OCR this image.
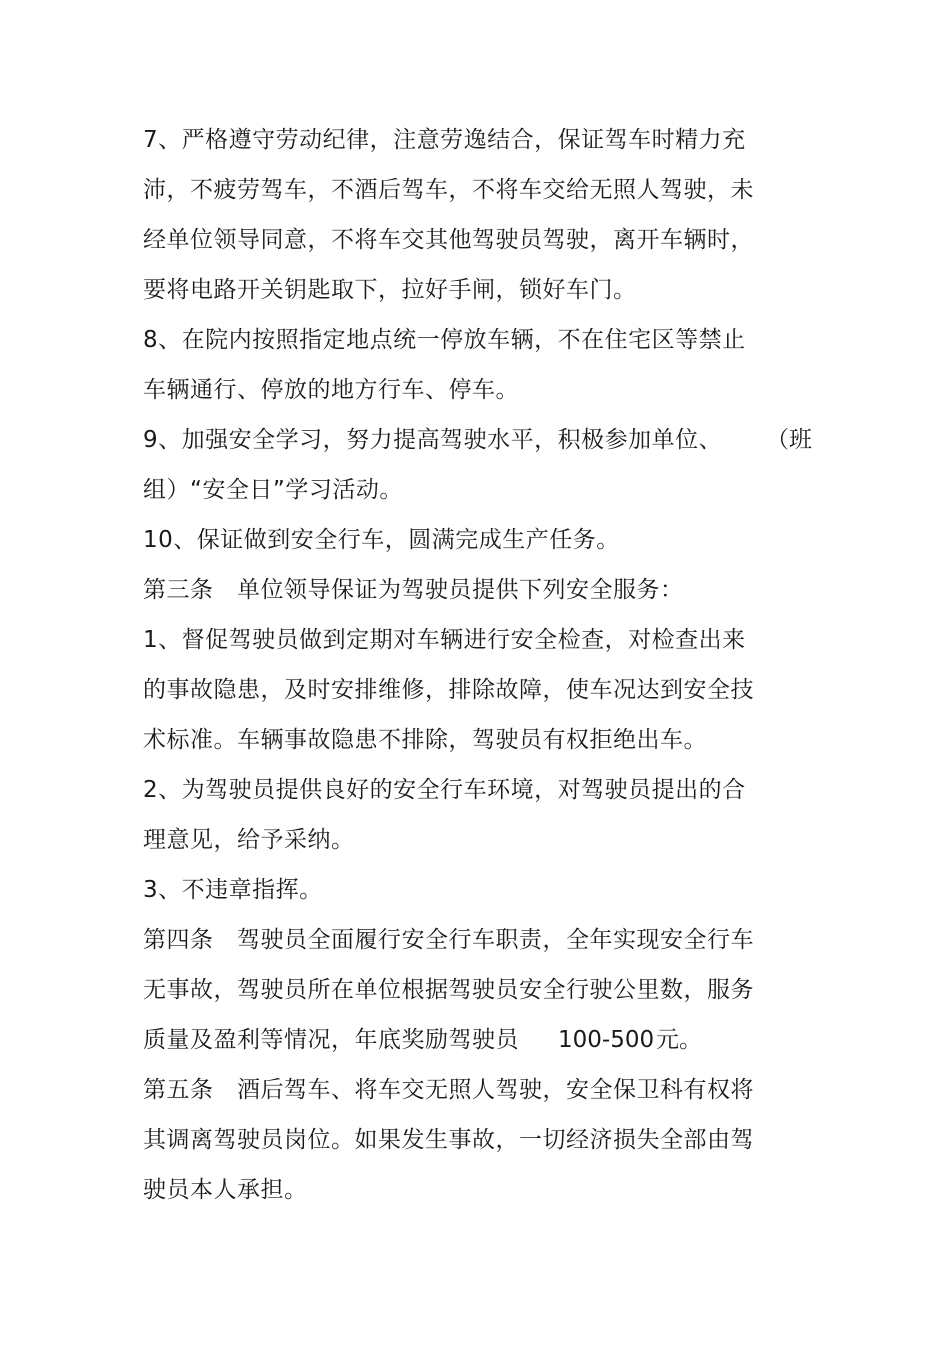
7、严格遵守劳动纪律，注意劳逸结合，保证驾车时精力充
沛，不疲劳驾车，不酒后驾车，不将车交给无照人驾驶，未
经单位领导同意，不将车交其他驾驶员驾驶，离开车辆时，
要将电路开关钥匙取下，拉好手闸，锁好车门。
8、在院内按照指定地点统一停放车辆，不在住宅区等禁止
车辆通行、停放的地方行车、停车。
9、加强安全学习，努力提高驾驶水平，积极参加单位、 （班
组）“安全日”学习活动。
10、保证做到安全行车，圆满完成生产任务。
第三条　单位领导保证为驾驶员提供下列安全服务：
1、督促驾驶员做到定期对车辆进行安全检查，对检查出来
的事故隐患，及时安排维修，排除故障，使车况达到安全技
术标准。车辆事故隐患不排除，驾驶员有权拒绝出车。
2、为驾驶员提供良好的安全行车环境，对驾驶员提出的合
理意见，给予采纳。
3、不违章指挥。
第四条　驾驶员全面履行安全行车职责，全年实现安全行车
无事故，驾驶员所在单位根据驾驶员安全行驶公里数，服务
质量及盈利等情况，年底奖励驾驶员 100-500 元。
第五条　酒后驾车、将车交无照人驾驶，安全保卫科有权将
其调离驾驶员岗位。如果发生事故，一切经济损失全部由驾
驶员本人承担。
